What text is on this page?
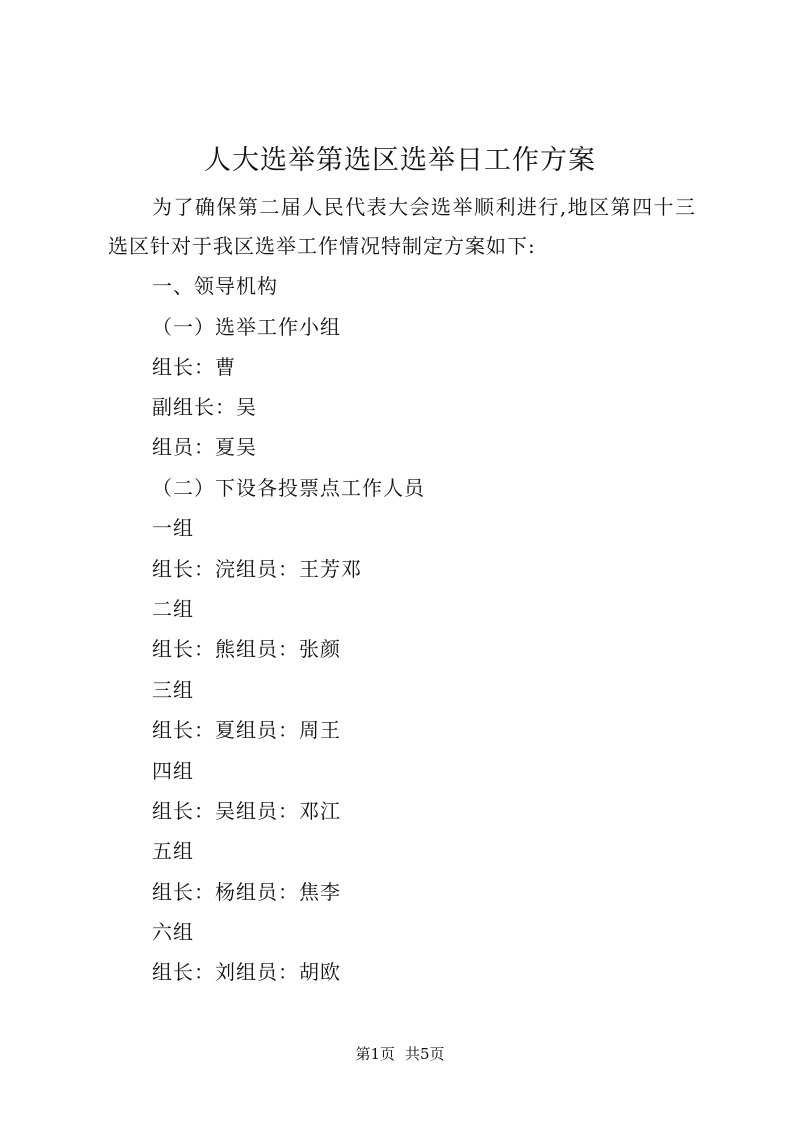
人大选举第选区选举日工作方案
为了确保第二届人民代表大会选举顺利进行,地区第四十三选区针对于我区选举工作情况特制定方案如下:
一、领导机构
（一）选举工作小组
组长：曹
副组长：吴
组员：夏吴
（二）下设各投票点工作人员
一组
组长：浣组员：王芳邓
二组
组长：熊组员：张颜
三组
组长：夏组员：周王
四组
组长：吴组员：邓江
五组
组长：杨组员：焦李
六组
组长：刘组员：胡欧
第1页 共5页
